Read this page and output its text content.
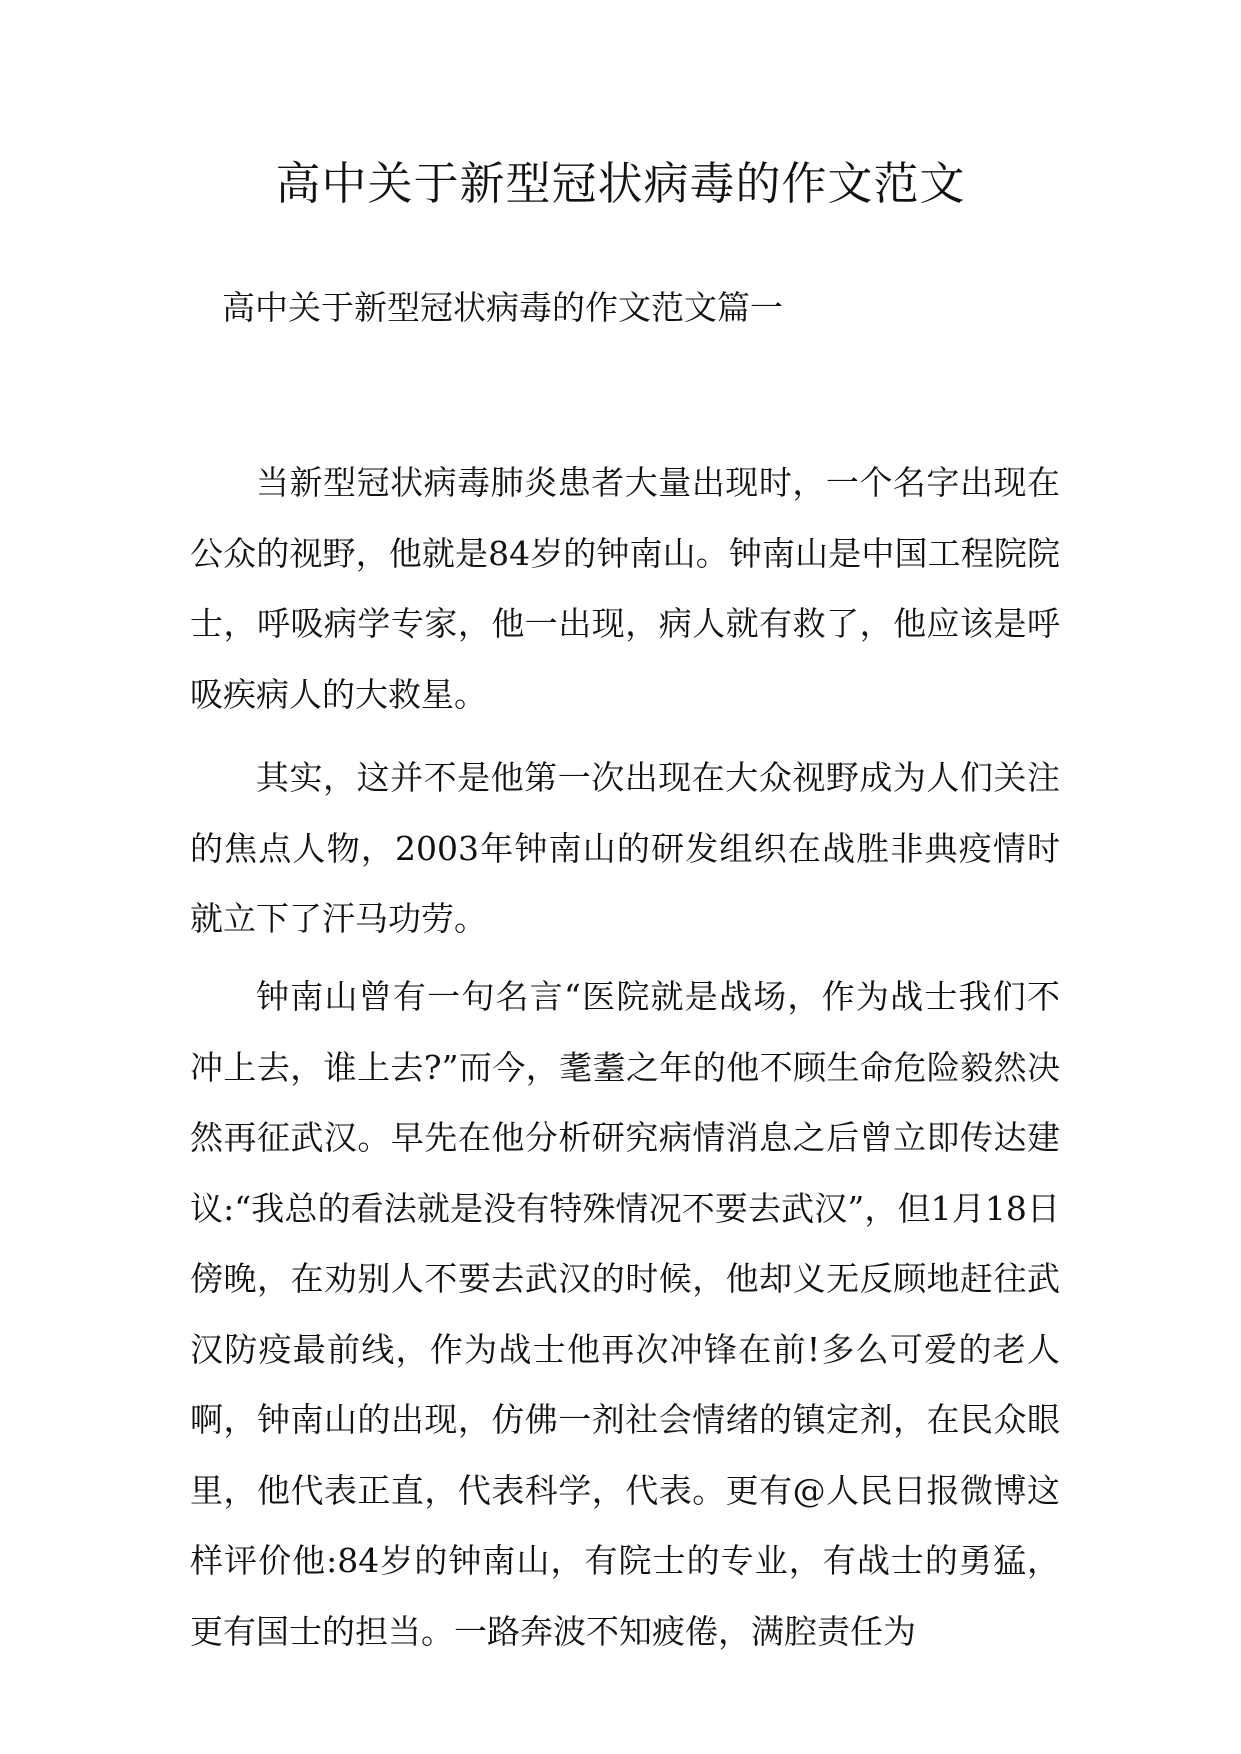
高中关于新型冠状病毒的作文范文
高中关于新型冠状病毒的作文范文篇一

当新型冠状病毒肺炎患者大量出现时，一个名字出现在公众的视野，他就是84岁的钟南山。钟南山是中国工程院院士，呼吸病学专家，他一出现，病人就有救了，他应该是呼吸疾病人的大救星。

其实，这并不是他第一次出现在大众视野成为人们关注的焦点人物，2003年钟南山的研发组织在战胜非典疫情时就立下了汗马功劳。

钟南山曾有一句名言“医院就是战场，作为战士我们不冲上去，谁上去?”而今，耄耋之年的他不顾生命危险毅然决然再征武汉。早先在他分析研究病情消息之后曾立即传达建议:“我总的看法就是没有特殊情况不要去武汉”，但1月18日傍晚，在劝别人不要去武汉的时候，他却义无反顾地赶往武汉防疫最前线，作为战士他再次冲锋在前!多么可爱的老人啊，钟南山的出现，仿佛一剂社会情绪的镇定剂，在民众眼里，他代表正直，代表科学，代表。更有@人民日报微博这样评价他:84岁的钟南山，有院士的专业，有战士的勇猛，更有国士的担当。一路奔波不知疲倦，满腔责任为
